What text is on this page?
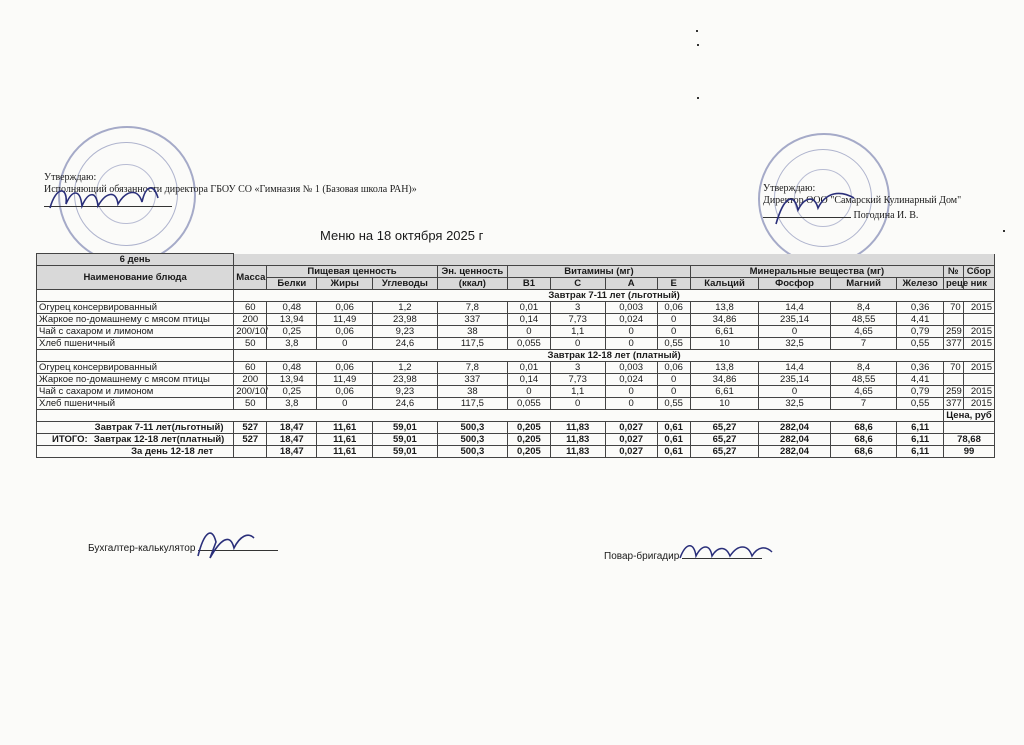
Утверждаю:
Исполняющий обязанности директора ГБОУ СО «Гимназия № 1 (Базовая школа РАН)»	Утверждаю:
Директор ООО "Самарский Кулинарный Дом"
Погодина И. В.
Меню на 18 октября 2025 г
6 день															
Наименование блюда	Масса	Пищевая ценность			Эн. ценность	Витамины (мг)				Минеральные вещества (мг)				№	Сбор
		Белки	Жиры	Углеводы	(ккал)	В1	С	А	Е	Кальций	Фосфор	Магний	Железо	реце	ник
	Завтрак 7-11 лет (льготный)														
Огурец консервированный	60	0,48	0,06	1,2	7,8	0,01	3	0,003	0,06	13,8	14,4	8,4	0,36	70	2015
Жаркое по-домашнему с мясом птицы	200	13,94	11,49	23,98	337	0,14	7,73	0,024	0	34,86	235,14	48,55	4,41		
Чай с сахаром и лимоном	200/10/	0,25	0,06	9,23	38	0	1,1	0	0	6,61	0	4,65	0,79	259	2015
Хлеб пшеничный	50	3,8	0	24,6	117,5	0,055	0	0	0,55	10	32,5	7	0,55	377	2015
	Завтрак 12-18 лет (платный)														
Огурец консервированный	60	0,48	0,06	1,2	7,8	0,01	3	0,003	0,06	13,8	14,4	8,4	0,36	70	2015
Жаркое по-домашнему с мясом птицы	200	13,94	11,49	23,98	337	0,14	7,73	0,024	0	34,86	235,14	48,55	4,41		
Чай с сахаром и лимоном	200/10/	0,25	0,06	9,23	38	0	1,1	0	0	6,61	0	4,65	0,79	259	2015
Хлеб пшеничный	50	3,8	0	24,6	117,5	0,055	0	0	0,55	10	32,5	7	0,55	377	2015
														Цена, руб	
Завтрак 7-11 лет(льготный)	527	18,47	11,61	59,01	500,3	0,205	11,83	0,027	0,61	65,27	282,04	68,6	6,11		
ИТОГО: Завтрак 12-18 лет(платный)	527	18,47	11,61	59,01	500,3	0,205	11,83	0,027	0,61	65,27	282,04	68,6	6,11	78,68	
За день 12-18 лет		18,47	11,61	59,01	500,3	0,205	11,83	0,027	0,61	65,27	282,04	68,6	6,11	99	
Бухгалтер-калькулятор
Повар-бригадир
